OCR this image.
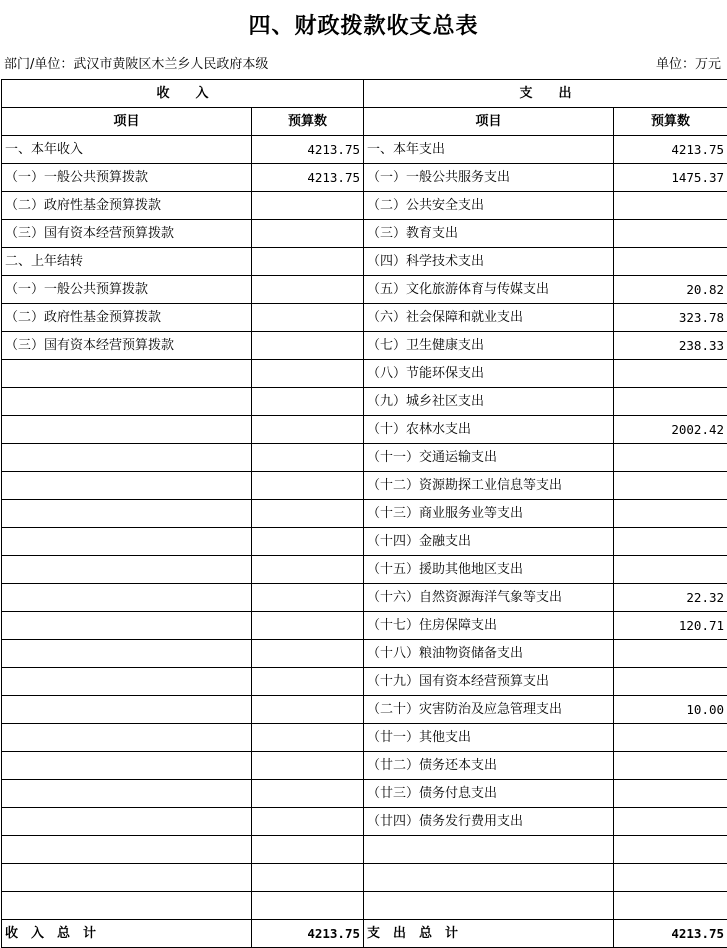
四、财政拨款收支总表
部门/单位：武汉市黄陂区木兰乡人民政府本级	单位：万元
收　　入		支　　出	
项目	预算数	项目	预算数
一、本年收入	4213.75	一、本年支出	4213.75
（一）一般公共预算拨款	4213.75	（一）一般公共服务支出	1475.37
（二）政府性基金预算拨款		（二）公共安全支出	
（三）国有资本经营预算拨款		（三）教育支出	
二、上年结转		（四）科学技术支出	
（一）一般公共预算拨款		（五）文化旅游体育与传媒支出	20.82
（二）政府性基金预算拨款		（六）社会保障和就业支出	323.78
（三）国有资本经营预算拨款		（七）卫生健康支出	238.33
		（八）节能环保支出	
		（九）城乡社区支出	
		（十）农林水支出	2002.42
		（十一）交通运输支出	
		（十二）资源勘探工业信息等支出	
		（十三）商业服务业等支出	
		（十四）金融支出	
		（十五）援助其他地区支出	
		（十六）自然资源海洋气象等支出	22.32
		（十七）住房保障支出	120.71
		（十八）粮油物资储备支出	
		（十九）国有资本经营预算支出	
		（二十）灾害防治及应急管理支出	10.00
		（廿一）其他支出	
		（廿二）债务还本支出	
		（廿三）债务付息支出	
		（廿四）债务发行费用支出	

收　入　总　计	4213.75	支　出　总　计	4213.75
